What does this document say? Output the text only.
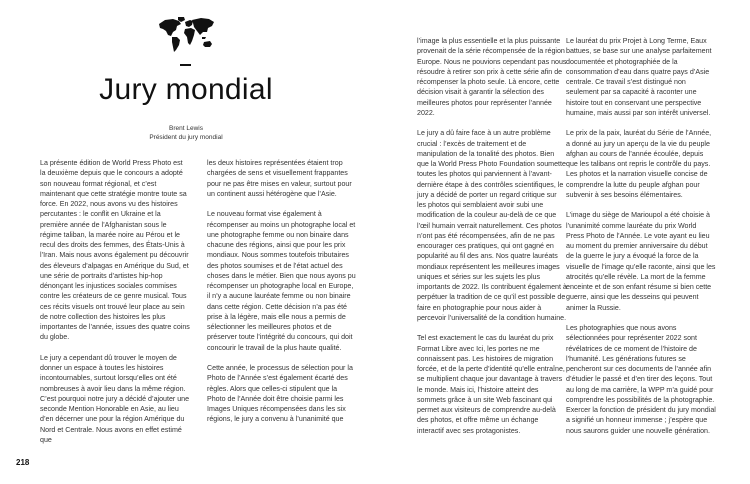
Jury mondial
Brent Lewis
Président du jury mondial

La présente édition de World Press Photo est la deuxième depuis que le concours a adopté son nouveau format régional, et c’est maintenant que cette stratégie montre toute sa force. En 2022, nous avons vu des histoires percutantes : le conflit en Ukraine et la première année de l’Afghanistan sous le régime taliban, la marée noire au Pérou et le recul des droits des femmes, des États-Unis à l’Iran. Mais nous avons également pu découvrir des éleveurs d’alpagas en Amérique du Sud, et une série de portraits d’artistes hip-hop dénonçant les injustices sociales commises contre les créateurs de ce genre musical. Tous ces récits visuels ont trouvé leur place au sein de notre collection des histoires les plus importantes de l’année, issues des quatre coins du globe.

Le jury a cependant dû trouver le moyen de donner un espace à toutes les histoires incontournables, surtout lorsqu’elles ont été nombreuses à avoir lieu dans la même région. C’est pourquoi notre jury a décidé d’ajouter une seconde Mention Honorable en Asie, au lieu d’en décerner une pour la région Amérique du Nord et Centrale. Nous avons en effet estimé que

les deux histoires représentées étaient trop chargées de sens et visuellement frappantes pour ne pas être mises en valeur, surtout pour un continent aussi hétérogène que l’Asie.

Le nouveau format vise également à récompenser au moins un photographe local et une photographe femme ou non binaire dans chacune des régions, ainsi que pour les prix mondiaux. Nous sommes toutefois tributaires des photos soumises et de l’état actuel des choses dans le métier. Bien que nous ayons pu récompenser un photographe local en Europe, il n’y a aucune lauréate femme ou non binaire dans cette région. Cette décision n’a pas été prise à la légère, mais elle nous a permis de sélectionner les meilleures photos et de préserver toute l’intégrité du concours, qui doit concourir le travail de la plus haute qualité.

Cette année, le processus de sélection pour la Photo de l’Année s’est également écarté des règles. Alors que celles-ci stipulent que la Photo de l’Année doit être choisie parmi les Images Uniques récompensées dans les six régions, le jury a convenu à l’unanimité que

l’image la plus essentielle et la plus puissante provenait de la série récompensée de la région Europe. Nous ne pouvions cependant pas nous résoudre à retirer son prix à cette série afin de récompenser la photo seule. Là encore, cette décision visait à garantir la sélection des meilleures photos pour représenter l’année 2022.

Le jury a dû faire face à un autre problème crucial : l’excès de traitement et de manipulation de la tonalité des photos. Bien que la World Press Photo Foundation soumette toutes les photos qui parviennent à l’avant-dernière étape à des contrôles scientifiques, le jury a décidé de porter un regard critique sur les photos qui semblaient avoir subi une modification de la couleur au-delà de ce que l’œil humain verrait naturellement. Ces photos n’ont pas été récompensées, afin de ne pas encourager ces pratiques, qui ont gagné en popularité au fil des ans. Nos quatre lauréats mondiaux représentent les meilleures images uniques et séries sur les sujets les plus importants de 2022. Ils contribuent également à perpétuer la tradition de ce qu’il est possible de faire en photographie pour nous aider à percevoir l’universalité de la condition humaine.

Tel est exactement le cas du lauréat du prix Format Libre avec Ici, les portes ne me connaissent pas. Les histoires de migration forcée, et de la perte d’identité qu’elle entraîne, se multiplient chaque jour davantage à travers le monde. Mais ici, l’histoire atteint des sommets grâce à un site Web fascinant qui permet aux visiteurs de comprendre au-delà des photos, et offre même un échange interactif avec ses protagonistes.

Le lauréat du prix Projet à Long Terme, Eaux battues, se base sur une analyse parfaitement documentée et photographiée de la consommation d’eau dans quatre pays d’Asie centrale. Ce travail s’est distingué non seulement par sa capacité à raconter une histoire tout en conservant une perspective humaine, mais aussi par son intérêt universel.

Le prix de la paix, lauréat du Série de l’Année, a donné au jury un aperçu de la vie du peuple afghan au cours de l’année écoulée, depuis que les talibans ont repris le contrôle du pays. Les photos et la narration visuelle concise de comprendre la lutte du peuple afghan pour subvenir à ses besoins élémentaires.

L’image du siège de Marioupol a été choisie à l’unanimité comme lauréate du prix World Press Photo de l’Année. Le vote ayant eu lieu au moment du premier anniversaire du début de la guerre le jury a évoqué la force de la visuelle de l’image qu’elle raconte, ainsi que les atrocités qu’elle révèle. La mort de la femme enceinte et de son enfant résume si bien cette guerre, ainsi que les desseins qui peuvent animer la Russie.

Les photographies que nous avons sélectionnées pour représenter 2022 sont révélatrices de ce moment de l’histoire de l’humanité. Les générations futures se pencheront sur ces documents de l’année afin d’étudier le passé et d’en tirer des leçons. Tout au long de ma carrière, la WPP m’a guidé pour comprendre les possibilités de la photographie. Exercer la fonction de président du jury mondial a signifié un honneur immense ; j’espère que nous saurons guider une nouvelle génération.

218
